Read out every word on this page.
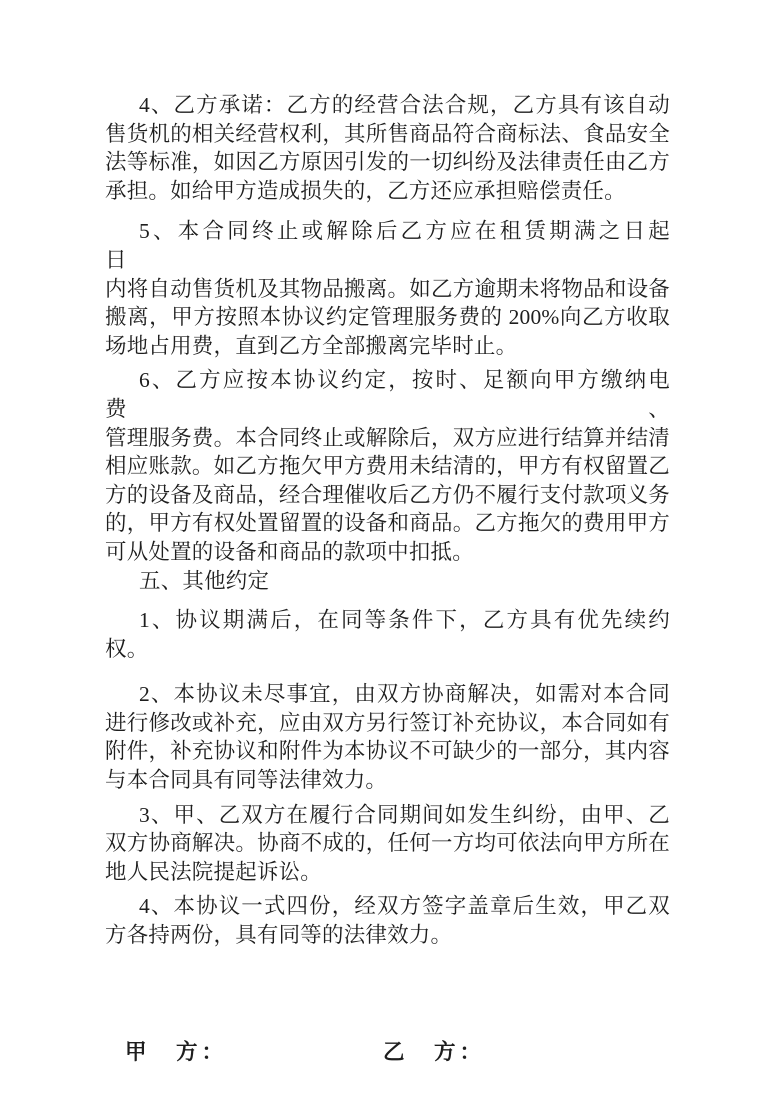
4、乙方承诺：乙方的经营合法合规，乙方具有该自动
售货机的相关经营权利，其所售商品符合商标法、食品安全
法等标准，如因乙方原因引发的一切纠纷及法律责任由乙方
承担。如给甲方造成损失的，乙方还应承担赔偿责任。
5、本合同终止或解除后乙方应在租赁期满之日起　　日
内将自动售货机及其物品搬离。如乙方逾期未将物品和设备
搬离，甲方按照本协议约定管理服务费的 200%向乙方收取
场地占用费，直到乙方全部搬离完毕时止。
6、乙方应按本协议约定，按时、足额向甲方缴纳电费、
管理服务费。本合同终止或解除后，双方应进行结算并结清
相应账款。如乙方拖欠甲方费用未结清的，甲方有权留置乙
方的设备及商品，经合理催收后乙方仍不履行支付款项义务
的，甲方有权处置留置的设备和商品。乙方拖欠的费用甲方
可从处置的设备和商品的款项中扣抵。
五、其他约定
1、协议期满后，在同等条件下，乙方具有优先续约权。
2、本协议未尽事宜，由双方协商解决，如需对本合同
进行修改或补充，应由双方另行签订补充协议，本合同如有
附件，补充协议和附件为本协议不可缺少的一部分，其内容
与本合同具有同等法律效力。
3、甲、乙双方在履行合同期间如发生纠纷，由甲、乙
双方协商解决。协商不成的，任何一方均可依法向甲方所在
地人民法院提起诉讼。
4、本协议一式四份，经双方签字盖章后生效，甲乙双
方各持两份，具有同等的法律效力。
甲　方：	乙　方：
